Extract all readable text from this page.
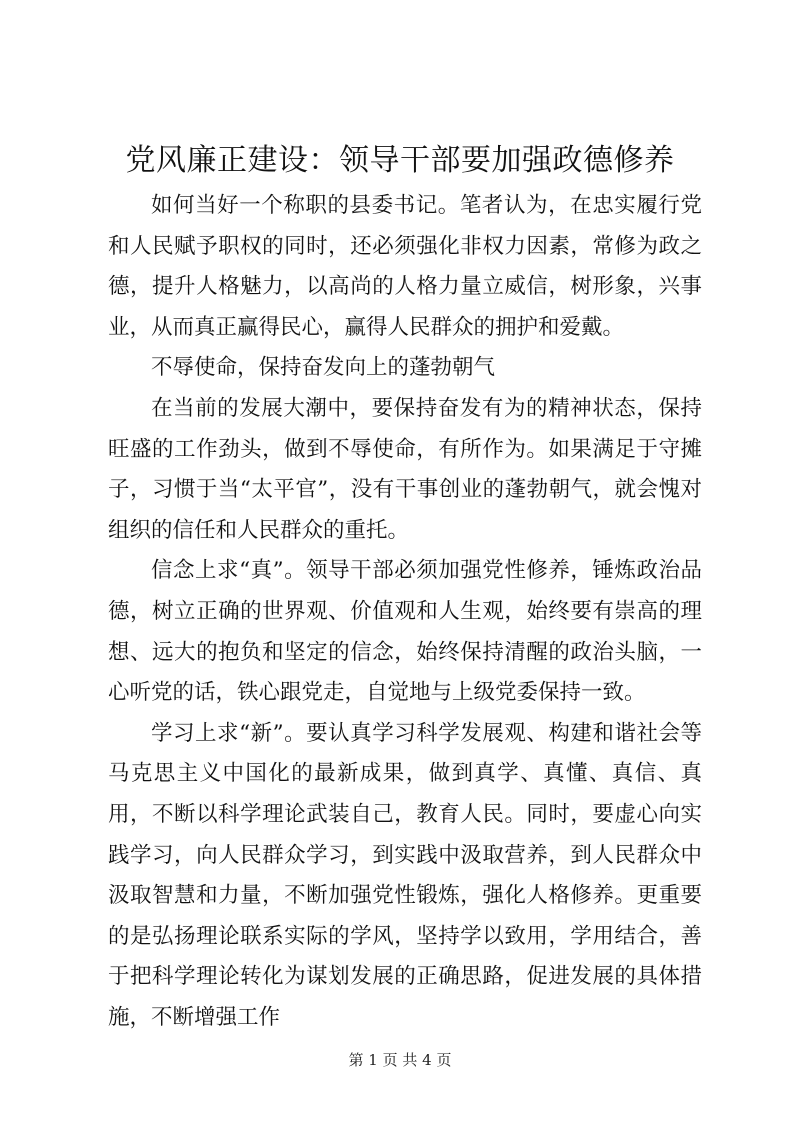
党风廉正建设：领导干部要加强政德修养

如何当好一个称职的县委书记。笔者认为，在忠实履行党和人民赋予职权的同时，还必须强化非权力因素，常修为政之德，提升人格魅力，以高尚的人格力量立威信，树形象，兴事业，从而真正赢得民心，赢得人民群众的拥护和爱戴。

不辱使命，保持奋发向上的蓬勃朝气

在当前的发展大潮中，要保持奋发有为的精神状态，保持旺盛的工作劲头，做到不辱使命，有所作为。如果满足于守摊子，习惯于当“太平官”，没有干事创业的蓬勃朝气，就会愧对组织的信任和人民群众的重托。

信念上求“真”。领导干部必须加强党性修养，锤炼政治品德，树立正确的世界观、价值观和人生观，始终要有崇高的理想、远大的抱负和坚定的信念，始终保持清醒的政治头脑，一心听党的话，铁心跟党走，自觉地与上级党委保持一致。

学习上求“新”。要认真学习科学发展观、构建和谐社会等马克思主义中国化的最新成果，做到真学、真懂、真信、真用，不断以科学理论武装自己，教育人民。同时，要虚心向实践学习，向人民群众学习，到实践中汲取营养，到人民群众中汲取智慧和力量，不断加强党性锻炼，强化人格修养。更重要的是弘扬理论联系实际的学风，坚持学以致用，学用结合，善于把科学理论转化为谋划发展的正确思路，促进发展的具体措施，不断增强工作

第 1 页 共 4 页
